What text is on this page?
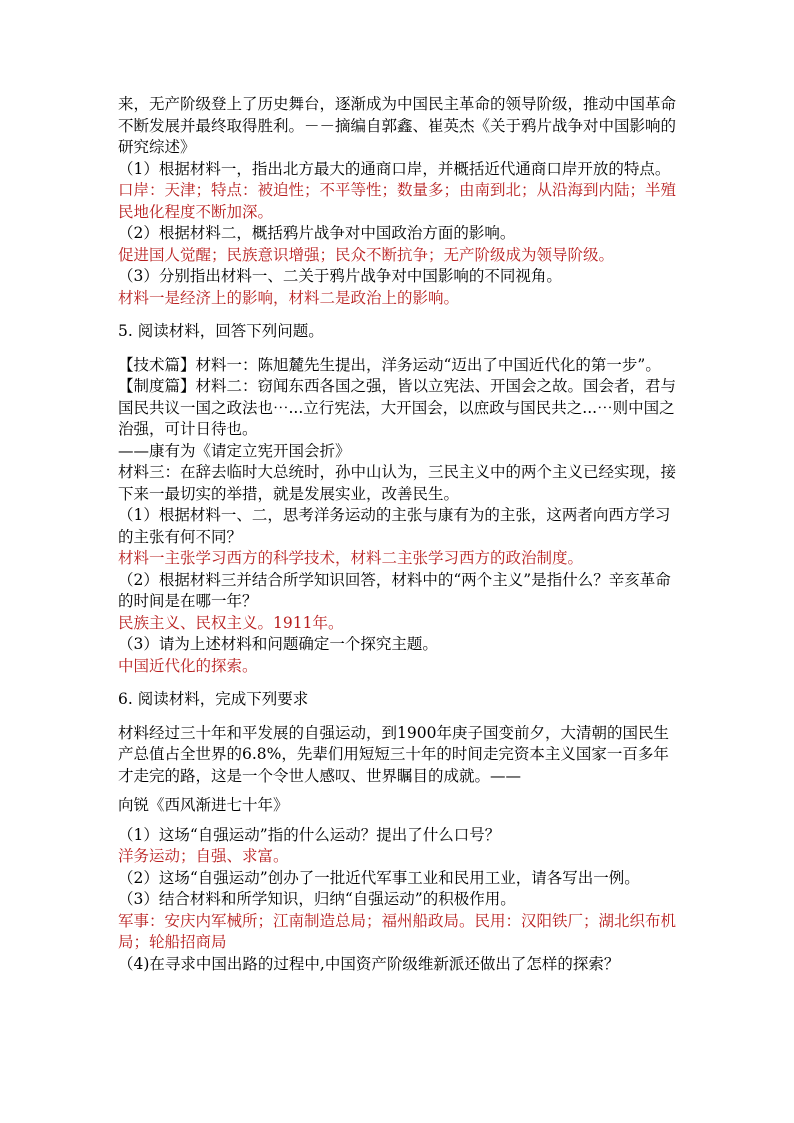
来，无产阶级登上了历史舞台，逐渐成为中国民主革命的领导阶级，推动中国革命不断发展并最终取得胜利。－－摘编自郭鑫、崔英杰《关于鸦片战争对中国影响的研究综述》

（1）根据材料一，指出北方最大的通商口岸，并概括近代通商口岸开放的特点。

口岸：天津；特点：被迫性；不平等性；数量多；由南到北；从沿海到内陆；半殖民地化程度不断加深。

（2）根据材料二，概括鸦片战争对中国政治方面的影响。

促进国人觉醒；民族意识增强；民众不断抗争；无产阶级成为领导阶级。

（3）分别指出材料一、二关于鸦片战争对中国影响的不同视角。

材料一是经济上的影响，材料二是政治上的影响。

5. 阅读材料，回答下列问题。

【技术篇】材料一：陈旭麓先生提出，洋务运动“迈出了中国近代化的第一步”。

【制度篇】材料二：窃闻东西各国之强，皆以立宪法、开国会之故。国会者，君与国民共议一国之政法也⋯...立行宪法，大开国会，以庶政与国民共之...⋯则中国之治强，可计日待也。

——康有为《请定立宪开国会折》

材料三：在辞去临时大总统时，孙中山认为，三民主义中的两个主义已经实现，接下来一最切实的举措，就是发展实业，改善民生。

（1）根据材料一、二，思考洋务运动的主张与康有为的主张，这两者向西方学习的主张有何不同？

材料一主张学习西方的科学技术，材料二主张学习西方的政治制度。

（2）根据材料三并结合所学知识回答，材料中的“两个主义”是指什么？辛亥革命的时间是在哪一年？

民族主义、民权主义。1911年。

（3）请为上述材料和问题确定一个探究主题。

中国近代化的探索。

6. 阅读材料，完成下列要求

材料经过三十年和平发展的自强运动，到1900年庚子国变前夕，大清朝的国民生产总值占全世界的6.8%，先辈们用短短三十年的时间走完资本主义国家一百多年才走完的路，这是一个令世人感叹、世界瞩目的成就。——

向锐《西风渐进七十年》

（1）这场“自强运动”指的什么运动？提出了什么口号？

洋务运动；自强、求富。

（2）这场“自强运动”创办了一批近代军事工业和民用工业，请各写出一例。

（3）结合材料和所学知识，归纳“自强运动”的积极作用。

军事：安庆内军械所；江南制造总局；福州船政局。民用：汉阳铁厂；湖北织布机局；轮船招商局

（4)在寻求中国出路的过程中,中国资产阶级维新派还做出了怎样的探索？
